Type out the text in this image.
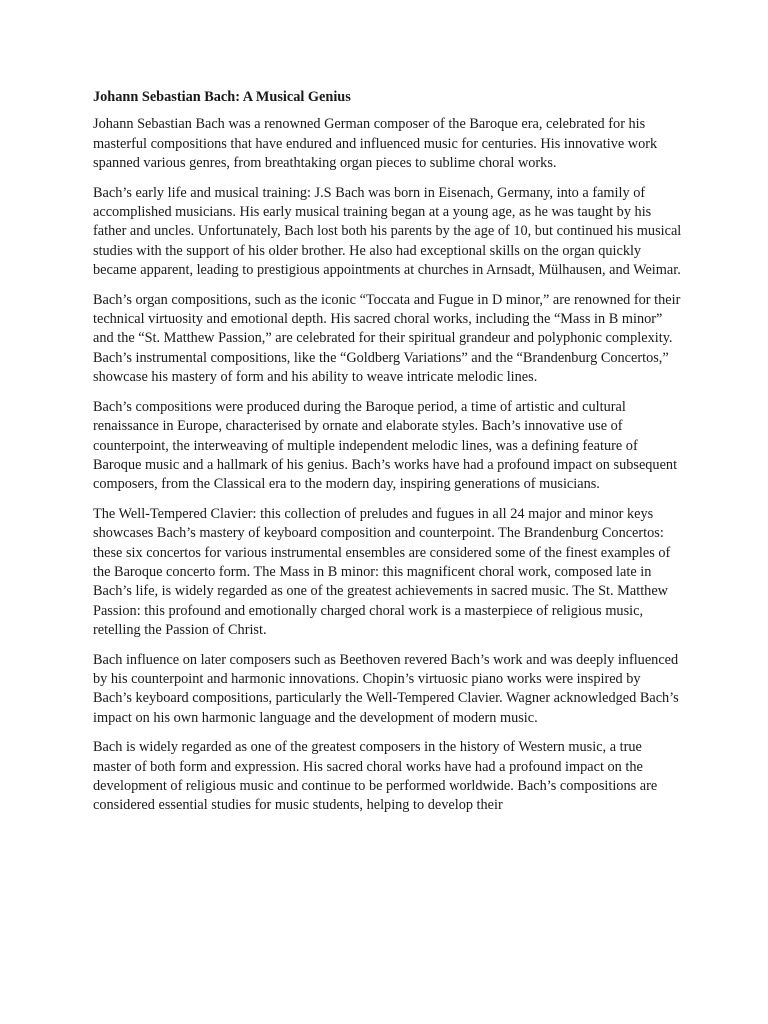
Johann Sebastian Bach: A Musical Genius

Johann Sebastian Bach was a renowned German composer of the Baroque era, celebrated for his masterful compositions that have endured and influenced music for centuries. His innovative work spanned various genres, from breathtaking organ pieces to sublime choral works.

Bach’s early life and musical training: J.S Bach was born in Eisenach, Germany, into a family of accomplished musicians. His early musical training began at a young age, as he was taught by his father and uncles. Unfortunately, Bach lost both his parents by the age of 10, but continued his musical studies with the support of his older brother. He also had exceptional skills on the organ quickly became apparent, leading to prestigious appointments at churches in Arnsadt, Mülhausen, and Weimar.

Bach’s organ compositions, such as the iconic “Toccata and Fugue in D minor,” are renowned for their technical virtuosity and emotional depth. His sacred choral works, including the “Mass in B minor” and the “St. Matthew Passion,” are celebrated for their spiritual grandeur and polyphonic complexity. Bach’s instrumental compositions, like the “Goldberg Variations” and the “Brandenburg Concertos,” showcase his mastery of form and his ability to weave intricate melodic lines.

Bach’s compositions were produced during the Baroque period, a time of artistic and cultural renaissance in Europe, characterised by ornate and elaborate styles. Bach’s innovative use of counterpoint, the interweaving of multiple independent melodic lines, was a defining feature of Baroque music and a hallmark of his genius. Bach’s works have had a profound impact on subsequent composers, from the Classical era to the modern day, inspiring generations of musicians.

The Well-Tempered Clavier: this collection of preludes and fugues in all 24 major and minor keys showcases Bach’s mastery of keyboard composition and counterpoint. The Brandenburg Concertos: these six concertos for various instrumental ensembles are considered some of the finest examples of the Baroque concerto form. The Mass in B minor: this magnificent choral work, composed late in Bach’s life, is widely regarded as one of the greatest achievements in sacred music. The St. Matthew Passion: this profound and emotionally charged choral work is a masterpiece of religious music, retelling the Passion of Christ.

Bach influence on later composers such as Beethoven revered Bach’s work and was deeply influenced by his counterpoint and harmonic innovations. Chopin’s virtuosic piano works were inspired by Bach’s keyboard compositions, particularly the Well-Tempered Clavier. Wagner acknowledged Bach’s impact on his own harmonic language and the development of modern music.

Bach is widely regarded as one of the greatest composers in the history of Western music, a true master of both form and expression. His sacred choral works have had a profound impact on the development of religious music and continue to be performed worldwide. Bach’s compositions are considered essential studies for music students, helping to develop their
